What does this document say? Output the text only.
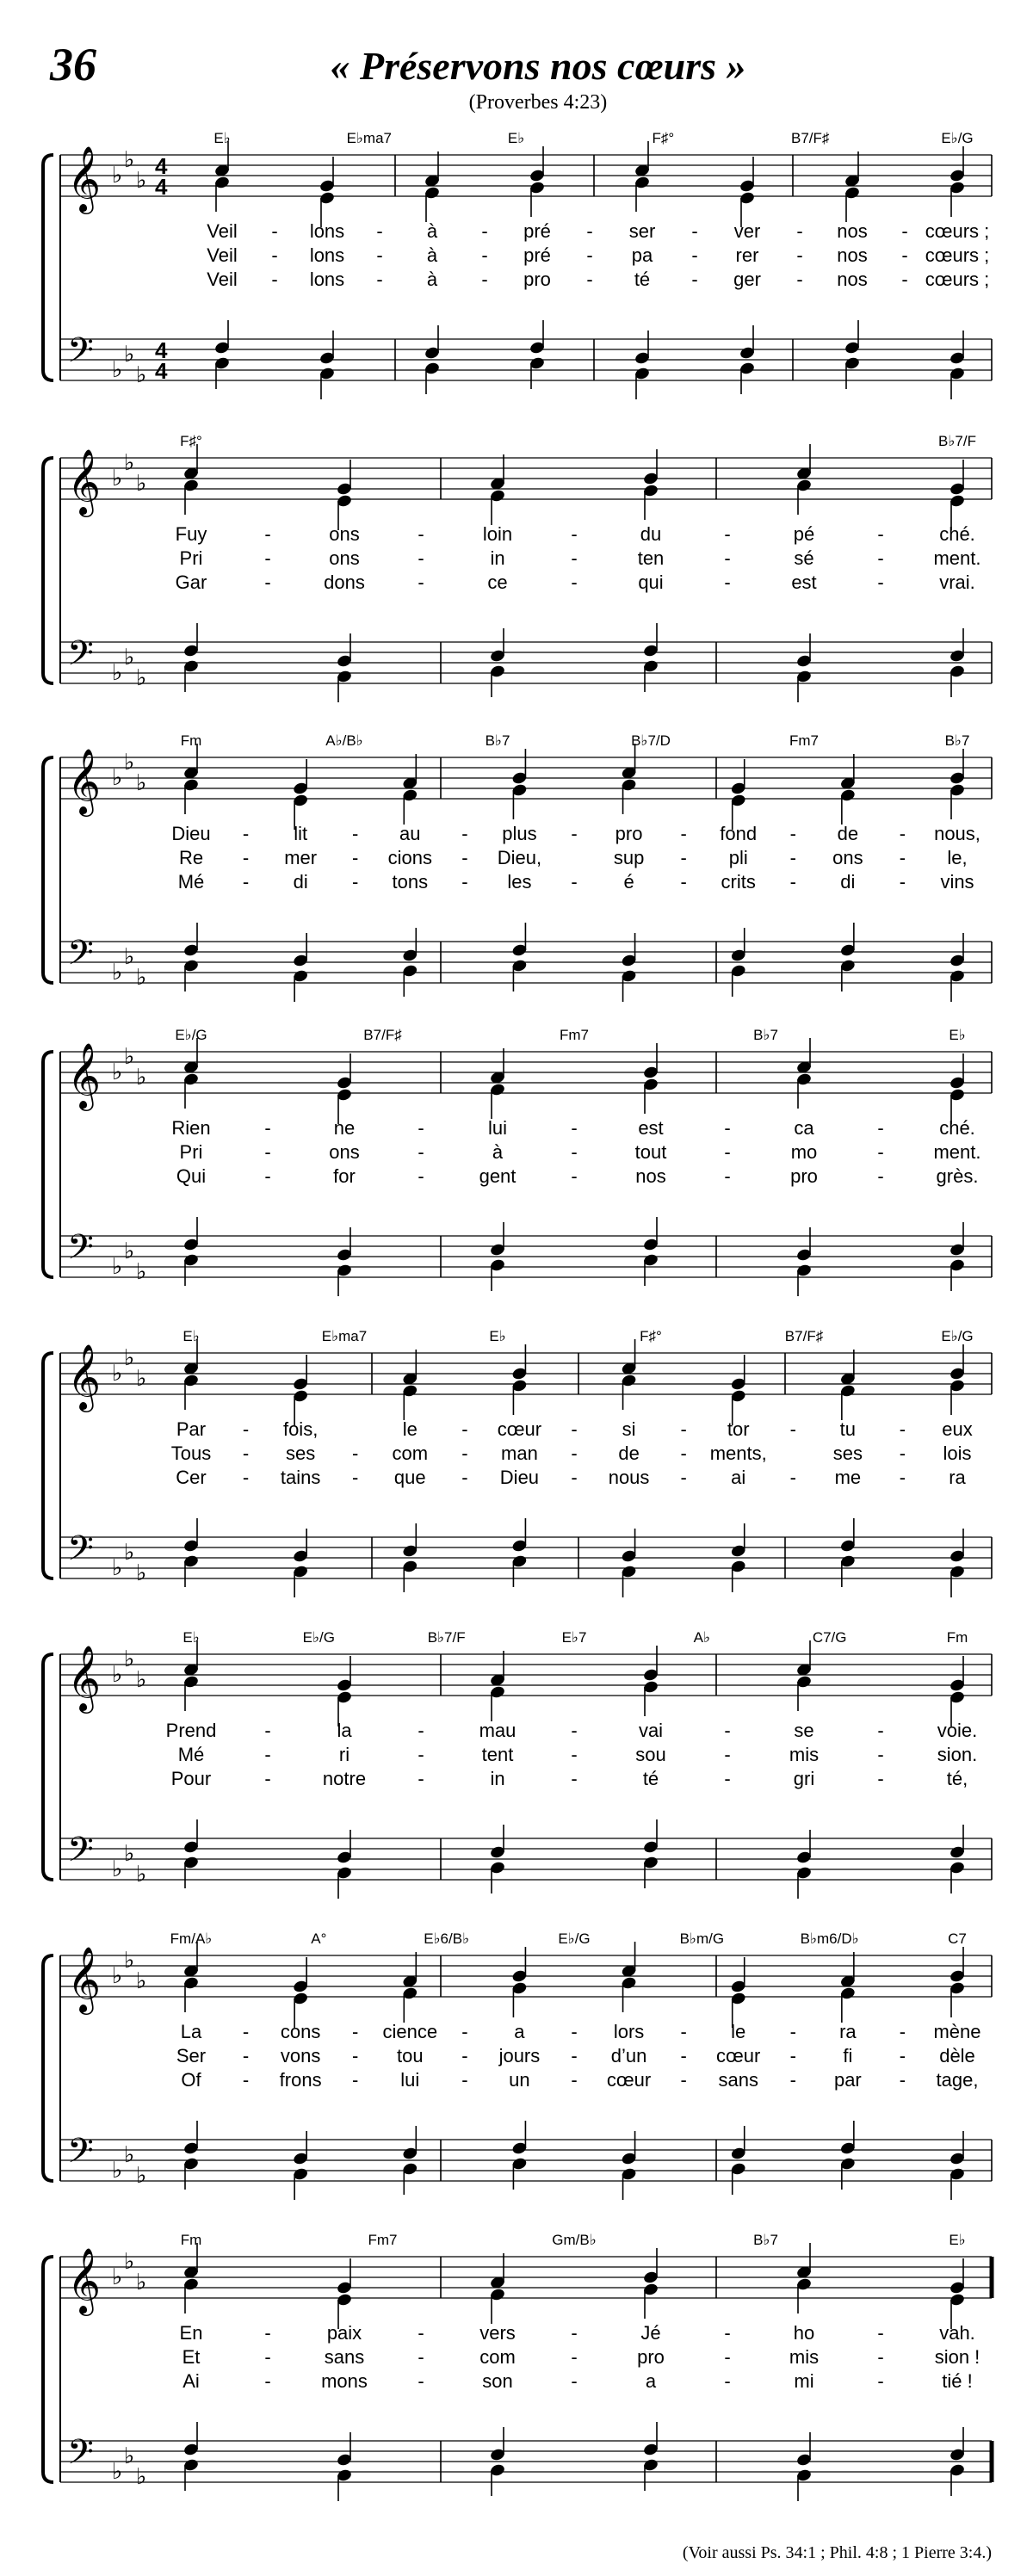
36	« Préservons nos cœurs »
(Proverbes 4:23)
𝄞
𝄢
♭
♭
♭
♭
♭
♭
4
4
4
4
E♭	E♭ma7	E♭	F♯°	B7/F♯	E♭/G
Veil - lons - à - pré - ser - ver - nos - cœurs ;
Veil - lons - à - pré - pa - rer - nos - cœurs ;
Veil - lons - à - pro - té - ger - nos - cœurs ;
𝄞
𝄢
♭
♭
♭
♭
♭
♭
F♯°	B♭7/F
Fuy	-	ons	-	loin	-	du	-	pé	-	ché.
Pri	-	ons	-	in	-	ten	-	sé	-	ment.
Gar	-	dons	-	ce	-	qui	-	est	-	vrai.
𝄞
𝄢
♭
♭
♭
♭
♭
♭
Fm	A♭/B♭	B♭7	B♭7/D	Fm7	B♭7
Dieu - lit - au - plus - pro - fond - de - nous,
Re - mer - cions - Dieu,	sup - pli - ons - le,
Mé - di - tons - les - é - crits - di - vins
𝄞
𝄢
♭
♭
♭
♭
♭
♭
E♭/G	B7/F♯	Fm7	B♭7	E♭
Rien	-	ne	-	lui	-	est	-	ca	-	ché.
Pri	-	ons	-	à	-	tout	-	mo	-	ment.
Qui	-	for	-	gent	-	nos	-	pro	-	grès.
𝄞
𝄢
♭
♭
♭
♭
♭
♭
E♭	E♭ma7	E♭	F♯°	B7/F♯	E♭/G
Par - fois,	le - cœur - si - tor - tu - eux
Tous - ses - com - man - de - ments,	ses - lois
Cer - tains - que - Dieu - nous - ai - me - ra
𝄞
𝄢
♭
♭
♭
♭
♭
♭
E♭	E♭/G	B♭7/F	E♭7	A♭	C7/G	Fm
Prend	-	la	-	mau	-	vai	-	se	-	voie.
Mé	-	ri	-	tent	-	sou	-	mis	-	sion.
Pour	-	notre	-	in	-	té	-	gri	-	té,
𝄞
𝄢
♭
♭
♭
♭
♭
♭
Fm/A♭	A°	E♭6/B♭	E♭/G	B♭m/G	B♭m6/D♭	C7
La - cons - cience - a - lors - le - ra - mène
Ser - vons - tou - jours - d’un - cœur - fi - dèle
Of - frons - lui - un - cœur - sans - par - tage,
𝄞
𝄢
♭
♭
♭
♭
♭
♭
Fm	Fm7	Gm/B♭	B♭7	E♭
En	-	paix	-	vers	-	Jé	-	ho	-	vah.
Et	-	sans	-	com	-	pro	-	mis	-	sion !
Ai	-	mons	-	son	-	a	-	mi	-	tié !
(Voir aussi Ps. 34:1 ; Phil. 4:8 ; 1 Pierre 3:4.)
